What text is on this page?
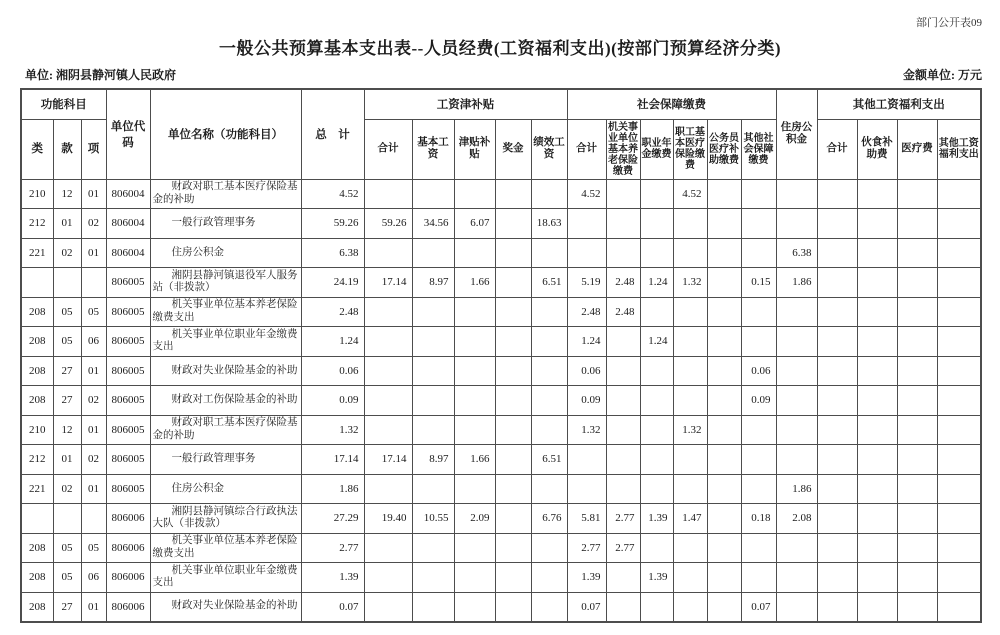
部门公开表09
一般公共预算基本支出表--人员经费(工资福利支出)(按部门预算经济分类)
单位: 湘阴县静河镇人民政府	金额单位: 万元
功能科目			单位代码	单位名称（功能科目）	总　计	工资津补贴					社会保障缴费						住房公积金	其他工资福利支出			
类	款	项				合计	基本工资	津贴补贴	奖金	绩效工资	合计	机关事业单位基本养老保险缴费	职业年金缴费	职工基本医疗保险缴费	公务员医疗补助缴费	其他社会保障缴费		合计	伙食补助费	医疗费	其他工资福利支出
210	12	01	806004	财政对职工基本医疗保险基金的补助	4.52						4.52			4.52							
212	01	02	806004	一般行政管理事务	59.26	59.26	34.56	6.07		18.63											
221	02	01	806004	住房公积金	6.38												6.38				
			806005	湘阴县静河镇退役军人服务站（非拨款）	24.19	17.14	8.97	1.66		6.51	5.19	2.48	1.24	1.32		0.15	1.86				
208	05	05	806005	机关事业单位基本养老保险缴费支出	2.48						2.48	2.48									
208	05	06	806005	机关事业单位职业年金缴费支出	1.24						1.24		1.24								
208	27	01	806005	财政对失业保险基金的补助	0.06						0.06					0.06					
208	27	02	806005	财政对工伤保险基金的补助	0.09						0.09					0.09					
210	12	01	806005	财政对职工基本医疗保险基金的补助	1.32						1.32			1.32							
212	01	02	806005	一般行政管理事务	17.14	17.14	8.97	1.66		6.51											
221	02	01	806005	住房公积金	1.86												1.86				
			806006	湘阴县静河镇综合行政执法大队（非拨款）	27.29	19.40	10.55	2.09		6.76	5.81	2.77	1.39	1.47		0.18	2.08				
208	05	05	806006	机关事业单位基本养老保险缴费支出	2.77						2.77	2.77									
208	05	06	806006	机关事业单位职业年金缴费支出	1.39						1.39		1.39								
208	27	01	806006	财政对失业保险基金的补助	0.07						0.07					0.07					
